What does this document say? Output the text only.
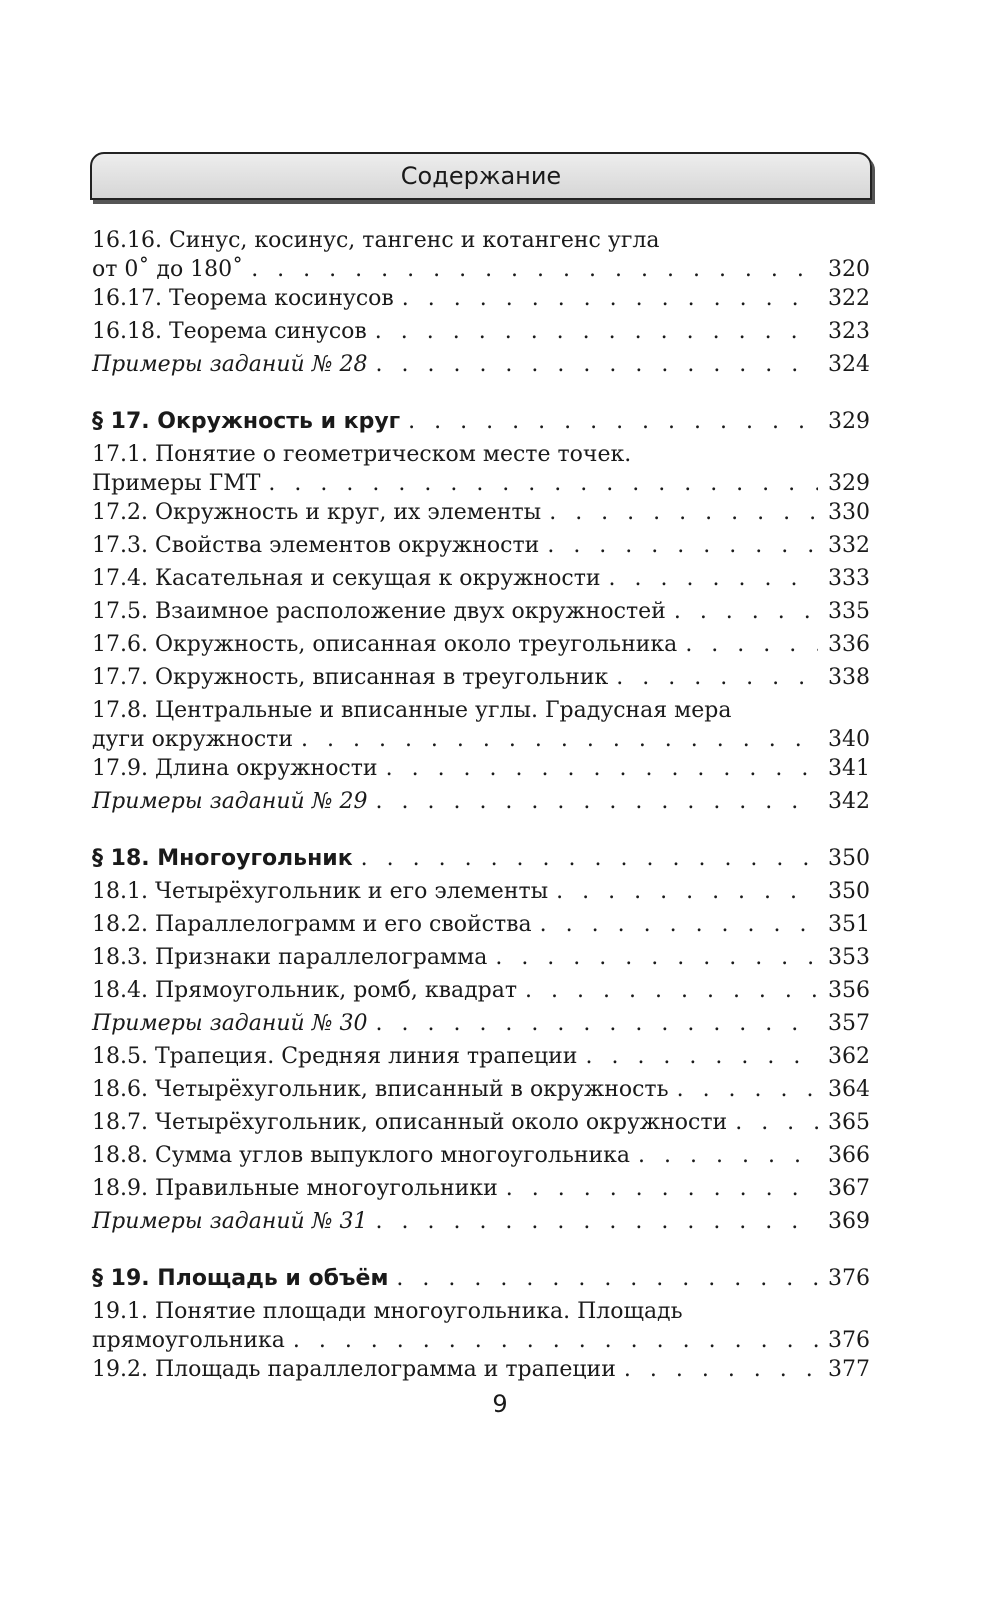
Содержание
16.16. Синус, косинус, тангенс и котангенс угла
от 0˚ до 180˚ . . .	320
16.17. Теорема косинусов . . .	322
16.18. Теорема синусов . . .	323
Примеры заданий № 28 . . .	324
§ 17. Окружность и круг . . .	329
17.1. Понятие о геометрическом месте точек.
Примеры ГМТ . . .	329
17.2. Окружность и круг, их элементы . . .	330
17.3. Свойства элементов окружности . . .	332
17.4. Касательная и секущая к окружности . . .	333
17.5. Взаимное расположение двух окружностей . . .	335
17.6. Окружность, описанная около треугольника . . .	336
17.7. Окружность, вписанная в треугольник . . .	338
17.8. Центральные и вписанные углы. Градусная мера
дуги окружности . . .	340
17.9. Длина окружности . . .	341
Примеры заданий № 29 . . .	342
§ 18. Многоугольник . . .	350
18.1. Четырёхугольник и его элементы . . .	350
18.2. Параллелограмм и его свойства . . .	351
18.3. Признаки параллелограмма . . .	353
18.4. Прямоугольник, ромб, квадрат . . .	356
Примеры заданий № 30 . . .	357
18.5. Трапеция. Средняя линия трапеции . . .	362
18.6. Четырёхугольник, вписанный в окружность . . .	364
18.7. Четырёхугольник, описанный около окружности . . .	365
18.8. Сумма углов выпуклого многоугольника . . .	366
18.9. Правильные многоугольники . . .	367
Примеры заданий № 31 . . .	369
§ 19. Площадь и объём . . .	376
19.1. Понятие площади многоугольника. Площадь
прямоугольника . . .	376
19.2. Площадь параллелограмма и трапеции . . .	377
9
